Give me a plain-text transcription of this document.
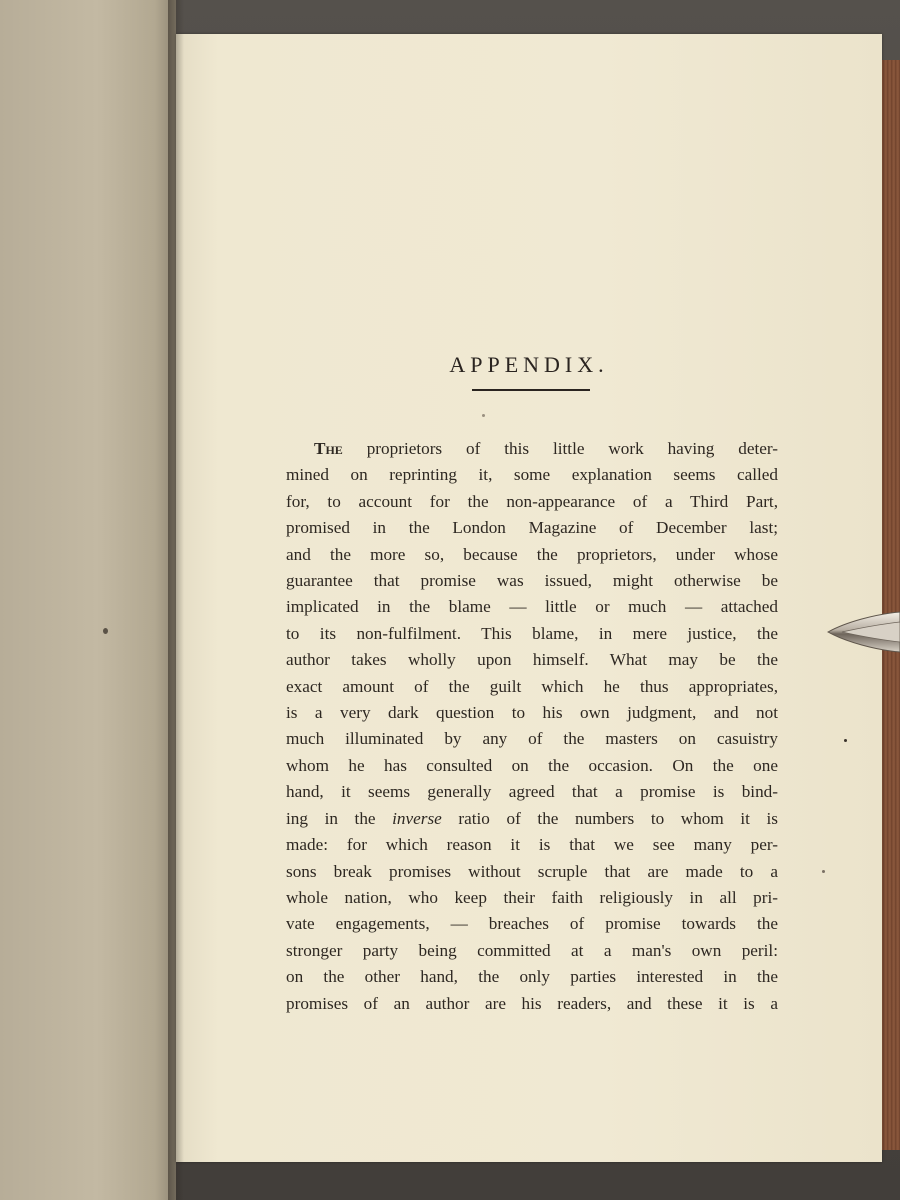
APPENDIX.
The proprietors of this little work having deter-
mined on reprinting it, some explanation seems called
for, to account for the non-appearance of a Third Part,
promised in the London Magazine of December last;
and the more so, because the proprietors, under whose
guarantee that promise was issued, might otherwise be
implicated in the blame — little or much — attached
to its non-fulfilment. This blame, in mere justice, the
author takes wholly upon himself. What may be the
exact amount of the guilt which he thus appropriates,
is a very dark question to his own judgment, and not
much illuminated by any of the masters on casuistry
whom he has consulted on the occasion. On the one
hand, it seems generally agreed that a promise is bind-
ing in the inverse ratio of the numbers to whom it is
made: for which reason it is that we see many per-
sons break promises without scruple that are made to a
whole nation, who keep their faith religiously in all pri-
vate engagements, — breaches of promise towards the
stronger party being committed at a man's own peril:
on the other hand, the only parties interested in the
promises of an author are his readers, and these it is a
